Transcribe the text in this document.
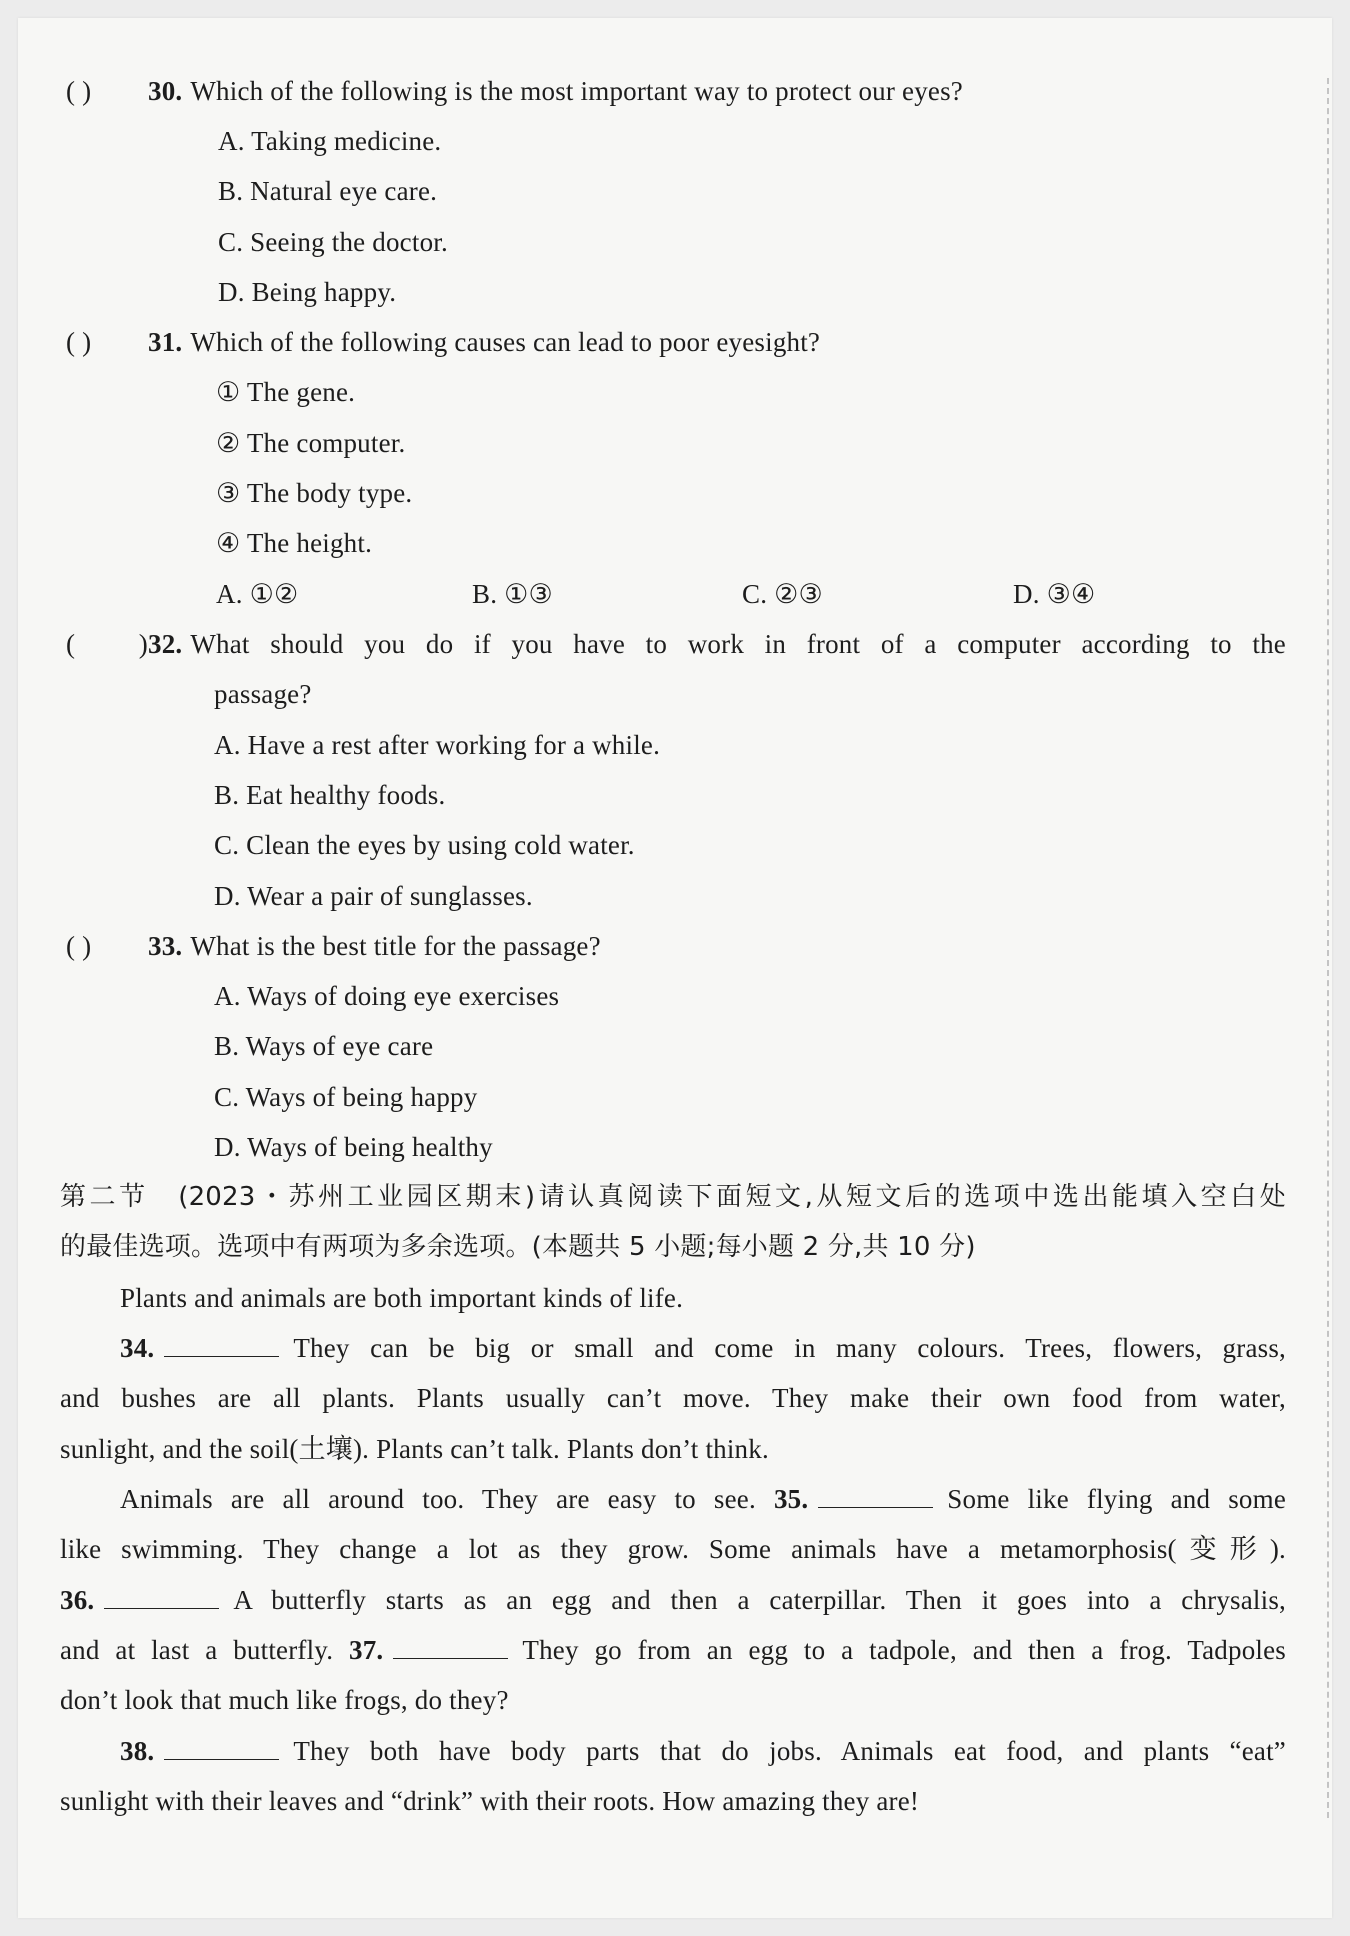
( ) 30. Which of the following is the most important way to protect our eyes?
A. Taking medicine.
B. Natural eye care.
C. Seeing the doctor.
D. Being happy.
( ) 31. Which of the following causes can lead to poor eyesight?
① The gene.
② The computer.
③ The body type.
④ The height.
A. ①②	B. ①③	C. ②③	D. ③④
( )32. What should you do if you have to work in front of a computer according to the
passage?
A. Have a rest after working for a while.
B. Eat healthy foods.
C. Clean the eyes by using cold water.
D. Wear a pair of sunglasses.
( ) 33. What is the best title for the passage?
A. Ways of doing eye exercises
B. Ways of eye care
C. Ways of being happy
D. Ways of being healthy
第二节　(2023・苏州工业园区期末)请认真阅读下面短文,从短文后的选项中选出能填入空白处
的最佳选项。选项中有两项为多余选项。(本题共 5 小题;每小题 2 分,共 10 分)
Plants and animals are both important kinds of life.
34.	They can be big or small and come in many colours. Trees, flowers, grass,
and bushes are all plants. Plants usually can’t move. They make their own food from water,
sunlight, and the soil(土壤). Plants can’t talk. Plants don’t think.
Animals are all around too. They are easy to see. 35.	Some like flying and some
like swimming. They change a lot as they grow. Some animals have a metamorphosis(变形).
36.	A butterfly starts as an egg and then a caterpillar. Then it goes into a chrysalis,
and at last a butterfly. 37.	They go from an egg to a tadpole, and then a frog. Tadpoles
don’t look that much like frogs, do they?
38.	They both have body parts that do jobs. Animals eat food, and plants “eat”
sunlight with their leaves and “drink” with their roots. How amazing they are!
